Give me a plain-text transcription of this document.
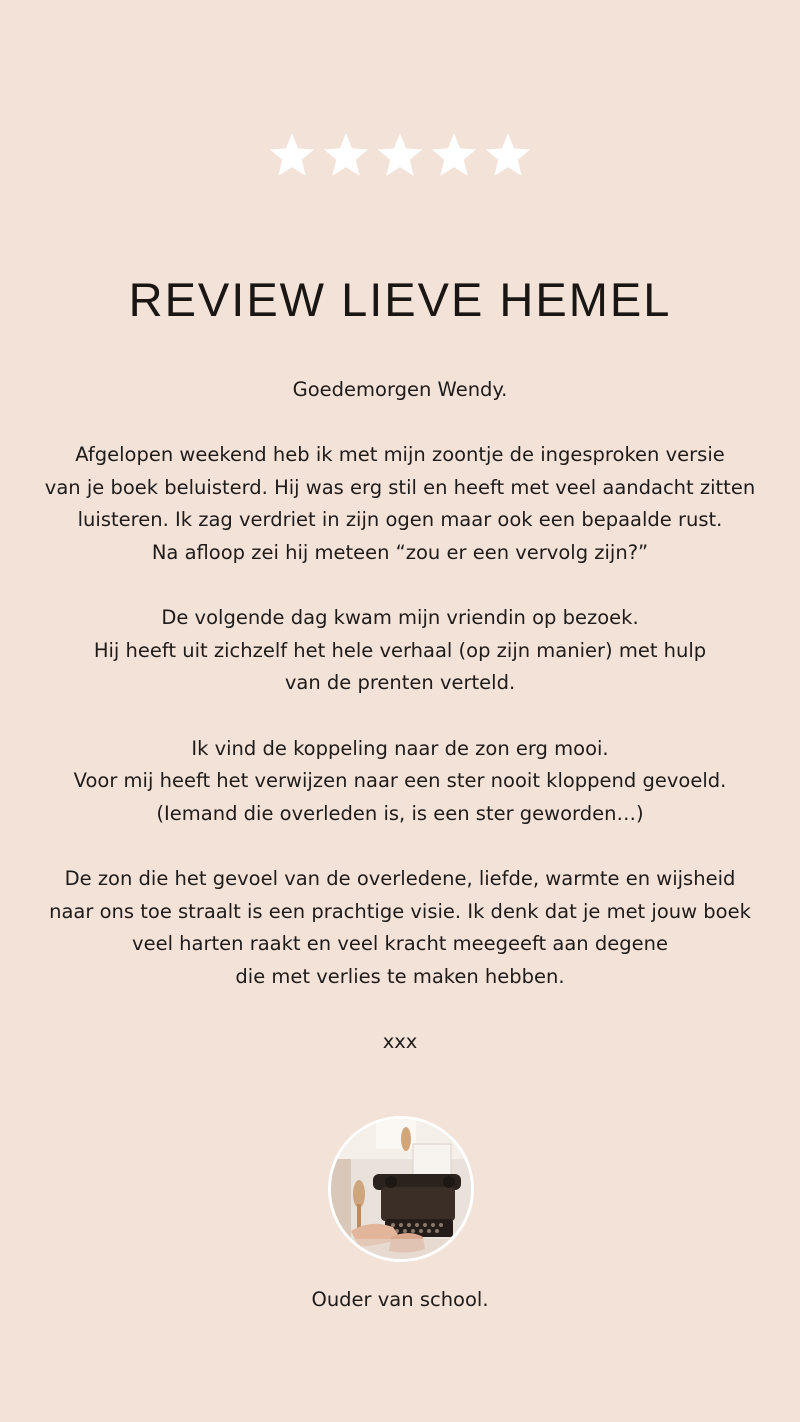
REVIEW LIEVE HEMEL

Goedemorgen Wendy.

Afgelopen weekend heb ik met mijn zoontje de ingesproken versie

van je boek beluisterd. Hij was erg stil en heeft met veel aandacht zitten

luisteren. Ik zag verdriet in zijn ogen maar ook een bepaalde rust.

Na afloop zei hij meteen “zou er een vervolg zijn?”

De volgende dag kwam mijn vriendin op bezoek.

Hij heeft uit zichzelf het hele verhaal (op zijn manier) met hulp

van de prenten verteld.

Ik vind de koppeling naar de zon erg mooi.

Voor mij heeft het verwijzen naar een ster nooit kloppend gevoeld.

(Iemand die overleden is, is een ster geworden…)

De zon die het gevoel van de overledene, liefde, warmte en wijsheid

naar ons toe straalt is een prachtige visie. Ik denk dat je met jouw boek

veel harten raakt en veel kracht meegeeft aan degene

die met verlies te maken hebben.

xxx

Ouder van school.
